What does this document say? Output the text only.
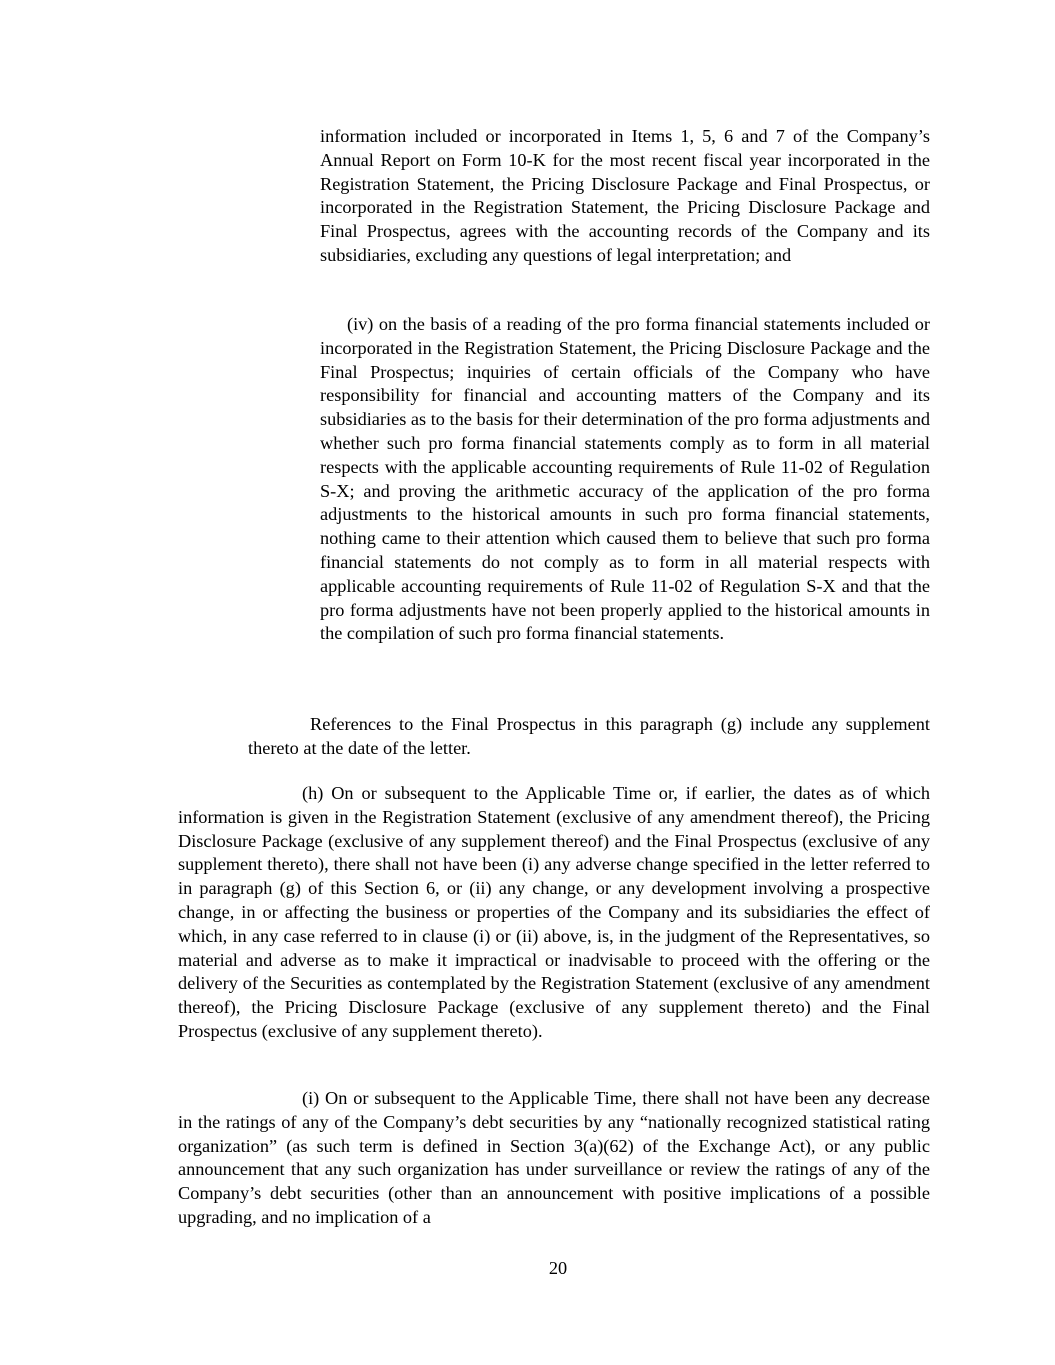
information included or incorporated in Items 1, 5, 6 and 7 of the Company’s Annual Report on Form 10-K for the most recent fiscal year incorporated in the Registration Statement, the Pricing Disclosure Package and Final Prospectus, or incorporated in the Registration Statement, the Pricing Disclosure Package and Final Prospectus, agrees with the accounting records of the Company and its subsidiaries, excluding any questions of legal interpretation; and

(iv) on the basis of a reading of the pro forma financial statements included or incorporated in the Registration Statement, the Pricing Disclosure Package and the Final Prospectus; inquiries of certain officials of the Company who have responsibility for financial and accounting matters of the Company and its subsidiaries as to the basis for their determination of the pro forma adjustments and whether such pro forma financial statements comply as to form in all material respects with the applicable accounting requirements of Rule 11-02 of Regulation S-X; and proving the arithmetic accuracy of the application of the pro forma adjustments to the historical amounts in such pro forma financial statements, nothing came to their attention which caused them to believe that such pro forma financial statements do not comply as to form in all material respects with applicable accounting requirements of Rule 11-02 of Regulation S-X and that the pro forma adjustments have not been properly applied to the historical amounts in the compilation of such pro forma financial statements.

References to the Final Prospectus in this paragraph (g) include any supplement thereto at the date of the letter.

(h) On or subsequent to the Applicable Time or, if earlier, the dates as of which information is given in the Registration Statement (exclusive of any amendment thereof), the Pricing Disclosure Package (exclusive of any supplement thereof) and the Final Prospectus (exclusive of any supplement thereto), there shall not have been (i) any adverse change specified in the letter referred to in paragraph (g) of this Section 6, or (ii) any change, or any development involving a prospective change, in or affecting the business or properties of the Company and its subsidiaries the effect of which, in any case referred to in clause (i) or (ii) above, is, in the judgment of the Representatives, so material and adverse as to make it impractical or inadvisable to proceed with the offering or the delivery of the Securities as contemplated by the Registration Statement (exclusive of any amendment thereof), the Pricing Disclosure Package (exclusive of any supplement thereto) and the Final Prospectus (exclusive of any supplement thereto).

(i) On or subsequent to the Applicable Time, there shall not have been any decrease in the ratings of any of the Company’s debt securities by any “nationally recognized statistical rating organization” (as such term is defined in Section 3(a)(62) of the Exchange Act), or any public announcement that any such organization has under surveillance or review the ratings of any of the Company’s debt securities (other than an announcement with positive implications of a possible upgrading, and no implication of a

20
